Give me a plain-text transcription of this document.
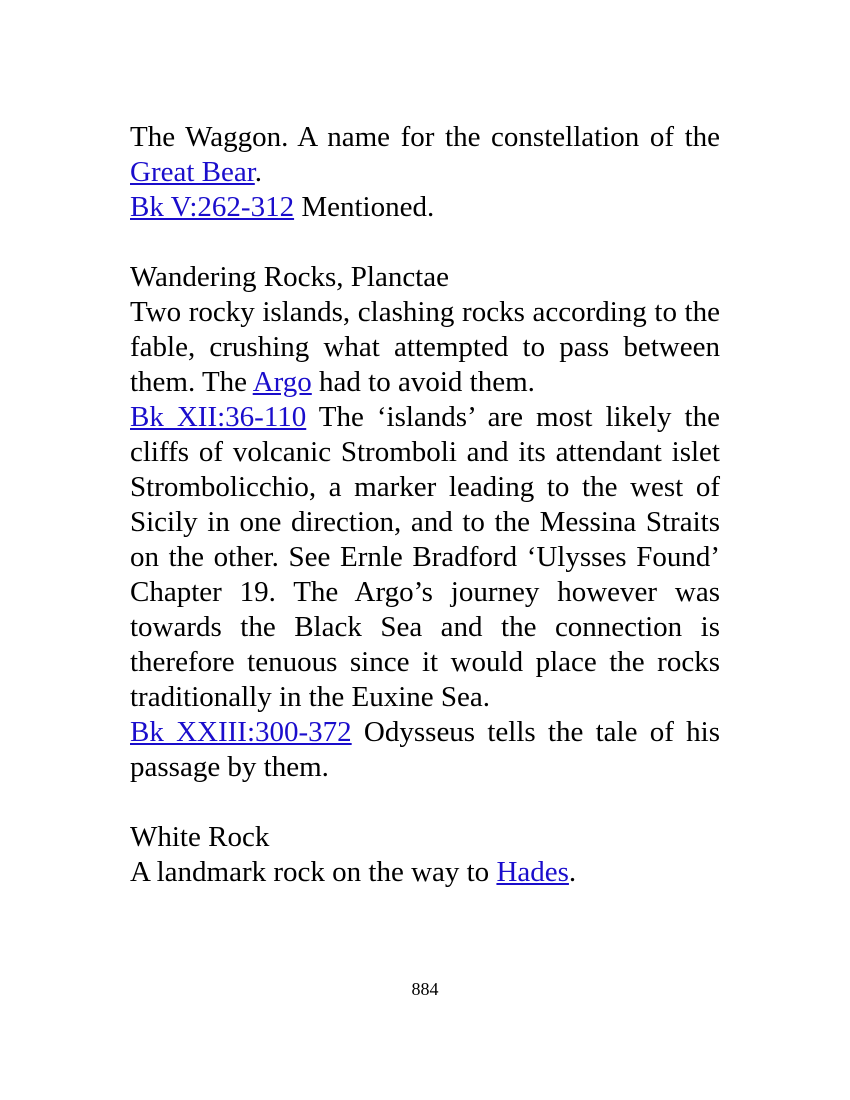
The Waggon. A name for the constellation of the Great Bear.

Bk V:262-312 Mentioned.

Wandering Rocks, Planctae

Two rocky islands, clashing rocks according to the fable, crushing what attempted to pass between them. The Argo had to avoid them.

Bk XII:36-110 The ‘islands’ are most likely the cliffs of volcanic Stromboli and its attendant islet Strombolicchio, a marker leading to the west of Sicily in one direction, and to the Messina Straits on the other. See Ernle Bradford ‘Ulysses Found’ Chapter 19. The Argo’s journey however was towards the Black Sea and the connection is therefore tenuous since it would place the rocks traditionally in the Euxine Sea.

Bk XXIII:300-372 Odysseus tells the tale of his passage by them.

White Rock

A landmark rock on the way to Hades.

884
